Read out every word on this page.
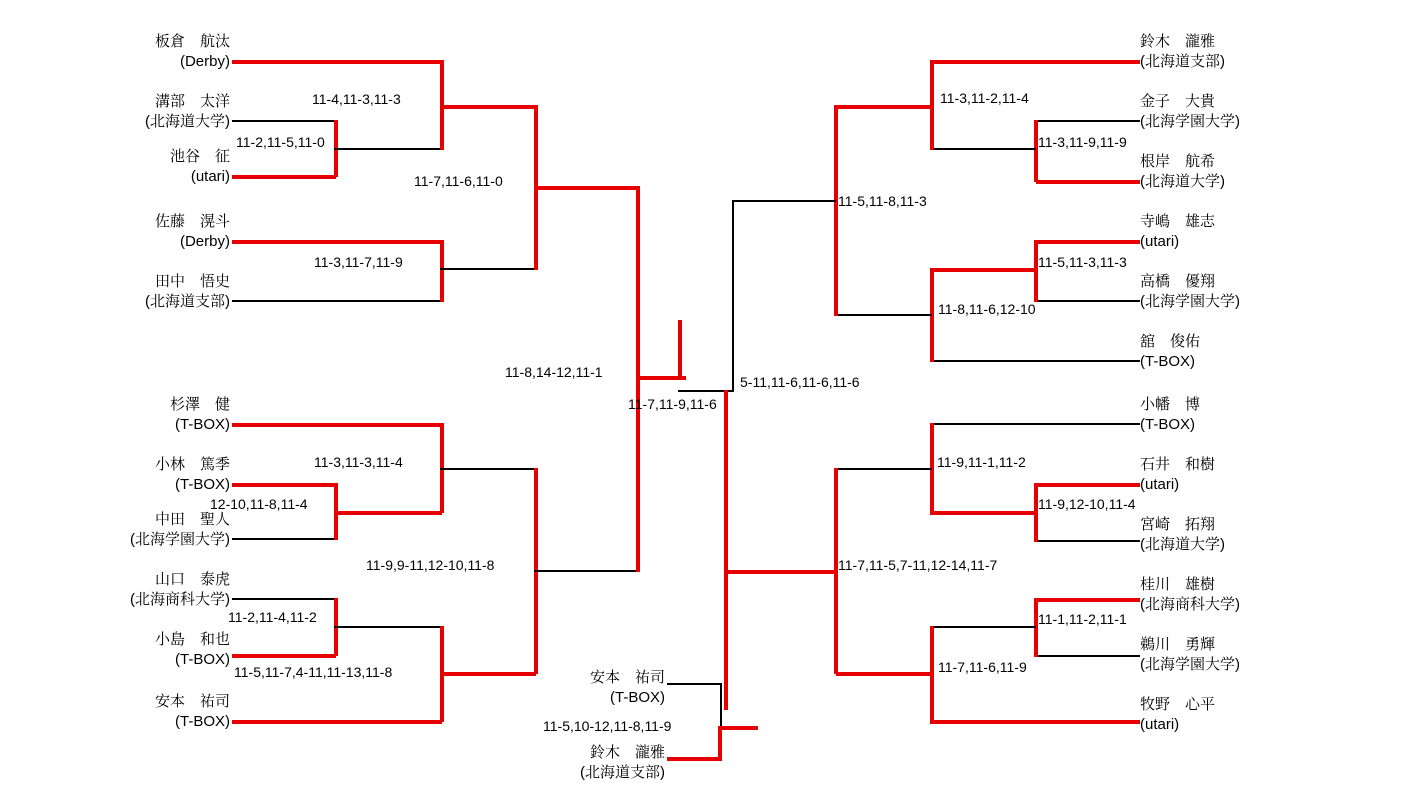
板倉　航汰
(Derby)
溝部　太洋
(北海道大学)
池谷　征
(utari)
佐藤　滉斗
(Derby)
田中　悟史
(北海道支部)
杉澤　健
(T-BOX)
小林　篤季
(T-BOX)
中田　聖人
(北海学園大学)
山口　泰虎
(北海商科大学)
小島　和也
(T-BOX)
安本　祐司
(T-BOX)
鈴木　瀧雅
(北海道支部)
金子　大貴
(北海学園大学)
根岸　航希
(北海道大学)
寺嶋　雄志
(utari)
高橋　優翔
(北海学園大学)
舘　俊佑
(T-BOX)
小幡　博
(T-BOX)
石井　和樹
(utari)
宮崎　拓翔
(北海道大学)
桂川　雄樹
(北海商科大学)
鵜川　勇輝
(北海学園大学)
牧野　心平
(utari)
安本　祐司
(T-BOX)
鈴木　瀧雅
(北海道支部)
11-5,10-12,11-8,11-9
11-2,11-5,11-0
11-4,11-3,11-3
11-7,11-6,11-0
11-3,11-7,11-9
12-10,11-8,11-4
11-3,11-3,11-4
11-2,11-4,11-2
11-5,11-7,4-11,11-13,11-8
11-9,9-11,12-10,11-8
11-8,14-12,11-1
11-7,11-9,11-6
5-11,11-6,11-6,11-6
11-3,11-9,11-9
11-3,11-2,11-4
11-5,11-3,11-3
11-8,11-6,12-10
11-5,11-8,11-3
11-9,12-10,11-4
11-9,11-1,11-2
11-1,11-2,11-1
11-7,11-6,11-9
11-7,11-5,7-11,12-14,11-7
